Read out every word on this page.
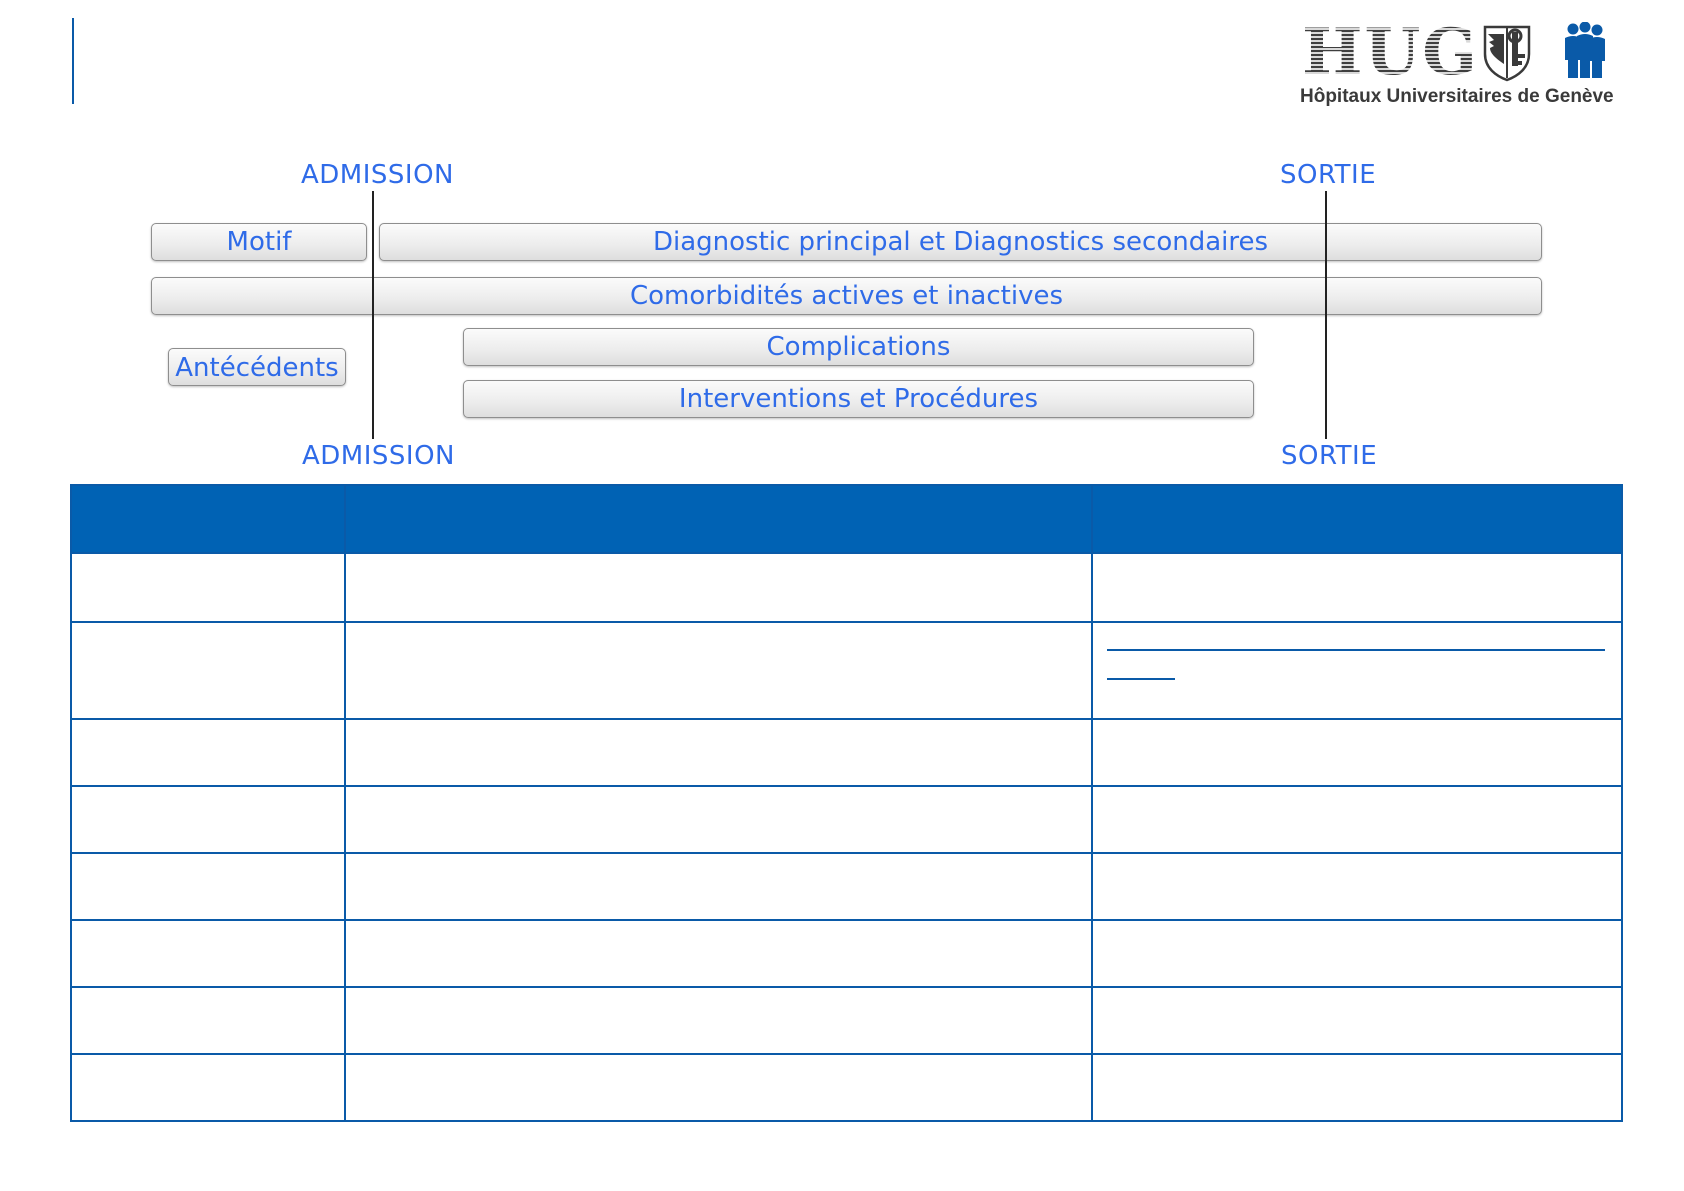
HUG
Hôpitaux Universitaires de Genève
ADMISSION	SORTIE
Motif	Diagnostic principal et Diagnostics secondaires
Comorbidités actives et inactives
Antécédents
Complications
Interventions et Procédures
ADMISSION	SORTIE
